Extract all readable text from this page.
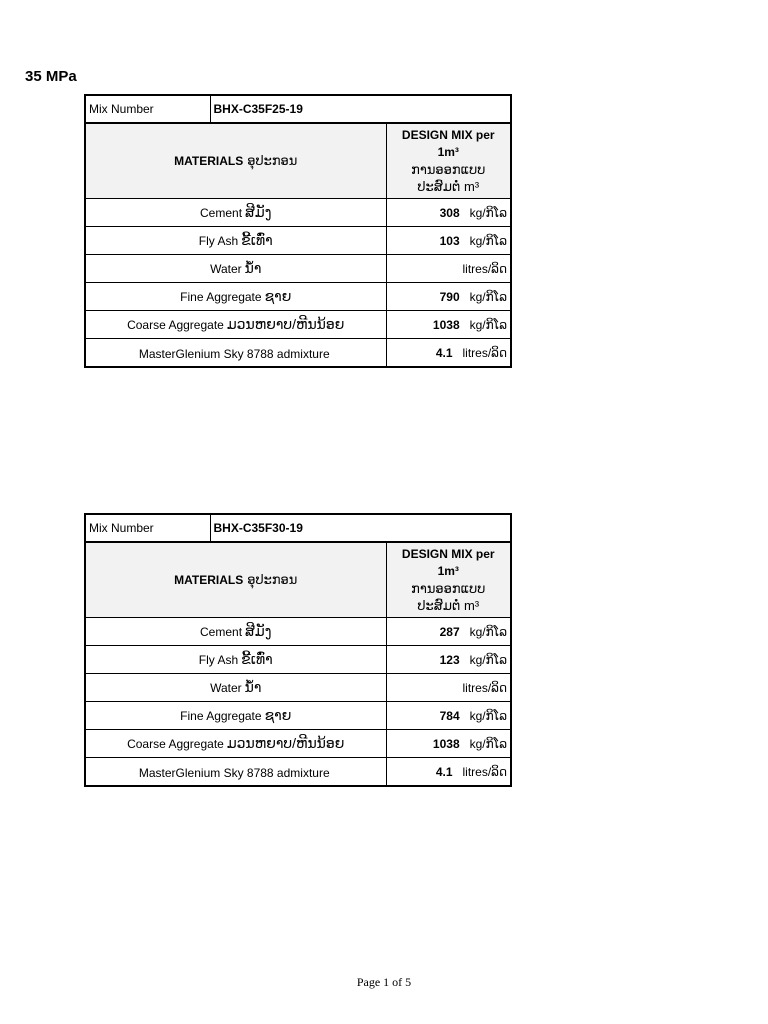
35 MPa
Mix Number	BHX-C35F25-19	
MATERIALS ອຸປະກອນ		DESIGN MIX per
1m³
ການອອກແບບ
ປະສົມຕໍ່ m³

Cement ສີມັງ		308 kg/ກິໂລ
Fly Ash ຂີ້ເທົ່າ		103 kg/ກິໂລ
Water ນໍ້າ		litres/ລິດ
Fine Aggregate ຊາຍ		790 kg/ກິໂລ
Coarse Aggregate ມວນຫຍາບ/ຫີນນ້ອຍ		1038 kg/ກິໂລ
MasterGlenium Sky 8788 admixture		4.1 litres/ລິດ
Mix Number	BHX-C35F30-19	
MATERIALS ອຸປະກອນ		DESIGN MIX per
1m³
ການອອກແບບ
ປະສົມຕໍ່ m³

Cement ສີມັງ		287 kg/ກິໂລ
Fly Ash ຂີ້ເທົ່າ		123 kg/ກິໂລ
Water ນໍ້າ		litres/ລິດ
Fine Aggregate ຊາຍ		784 kg/ກິໂລ
Coarse Aggregate ມວນຫຍາບ/ຫີນນ້ອຍ		1038 kg/ກິໂລ
MasterGlenium Sky 8788 admixture		4.1 litres/ລິດ
Page 1 of 5
